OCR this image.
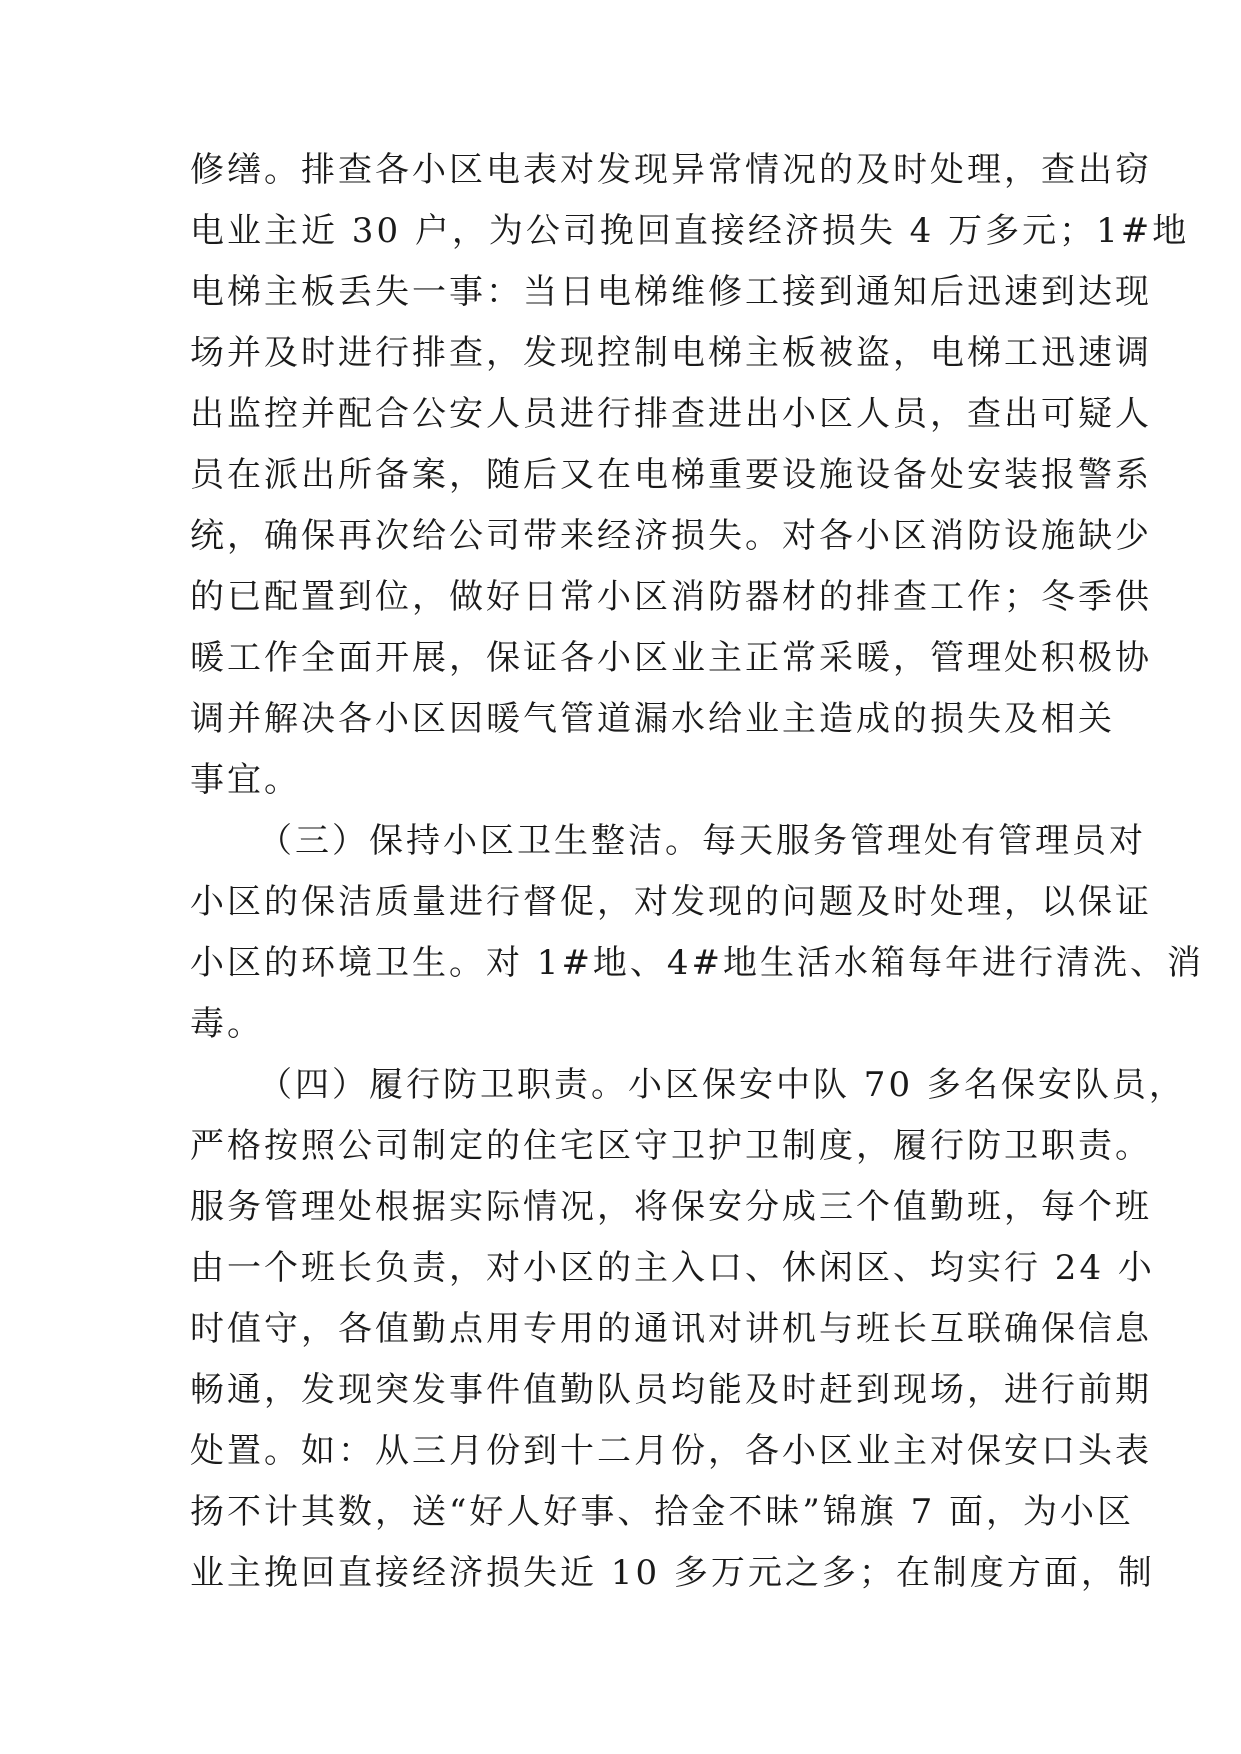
修缮。排查各小区电表对发现异常情况的及时处理，查出窃
电业主近 30 户，为公司挽回直接经济损失 4 万多元；1#地
电梯主板丢失一事：当日电梯维修工接到通知后迅速到达现
场并及时进行排查，发现控制电梯主板被盗，电梯工迅速调
出监控并配合公安人员进行排查进出小区人员，查出可疑人
员在派出所备案，随后又在电梯重要设施设备处安装报警系
统，确保再次给公司带来经济损失。对各小区消防设施缺少
的已配置到位，做好日常小区消防器材的排查工作；冬季供
暖工作全面开展，保证各小区业主正常采暖，管理处积极协
调并解决各小区因暖气管道漏水给业主造成的损失及相关
事宜。
（三）保持小区卫生整洁。每天服务管理处有管理员对
小区的保洁质量进行督促，对发现的问题及时处理，以保证
小区的环境卫生。对 1#地、4#地生活水箱每年进行清洗、消
毒。
（四）履行防卫职责。小区保安中队 70 多名保安队员，
严格按照公司制定的住宅区守卫护卫制度，履行防卫职责。
服务管理处根据实际情况，将保安分成三个值勤班，每个班
由一个班长负责，对小区的主入口、休闲区、均实行 24 小
时值守，各值勤点用专用的通讯对讲机与班长互联确保信息
畅通，发现突发事件值勤队员均能及时赶到现场，进行前期
处置。如：从三月份到十二月份，各小区业主对保安口头表
扬不计其数，送“好人好事、拾金不昧”锦旗 7 面，为小区
业主挽回直接经济损失近 10 多万元之多；在制度方面，制
